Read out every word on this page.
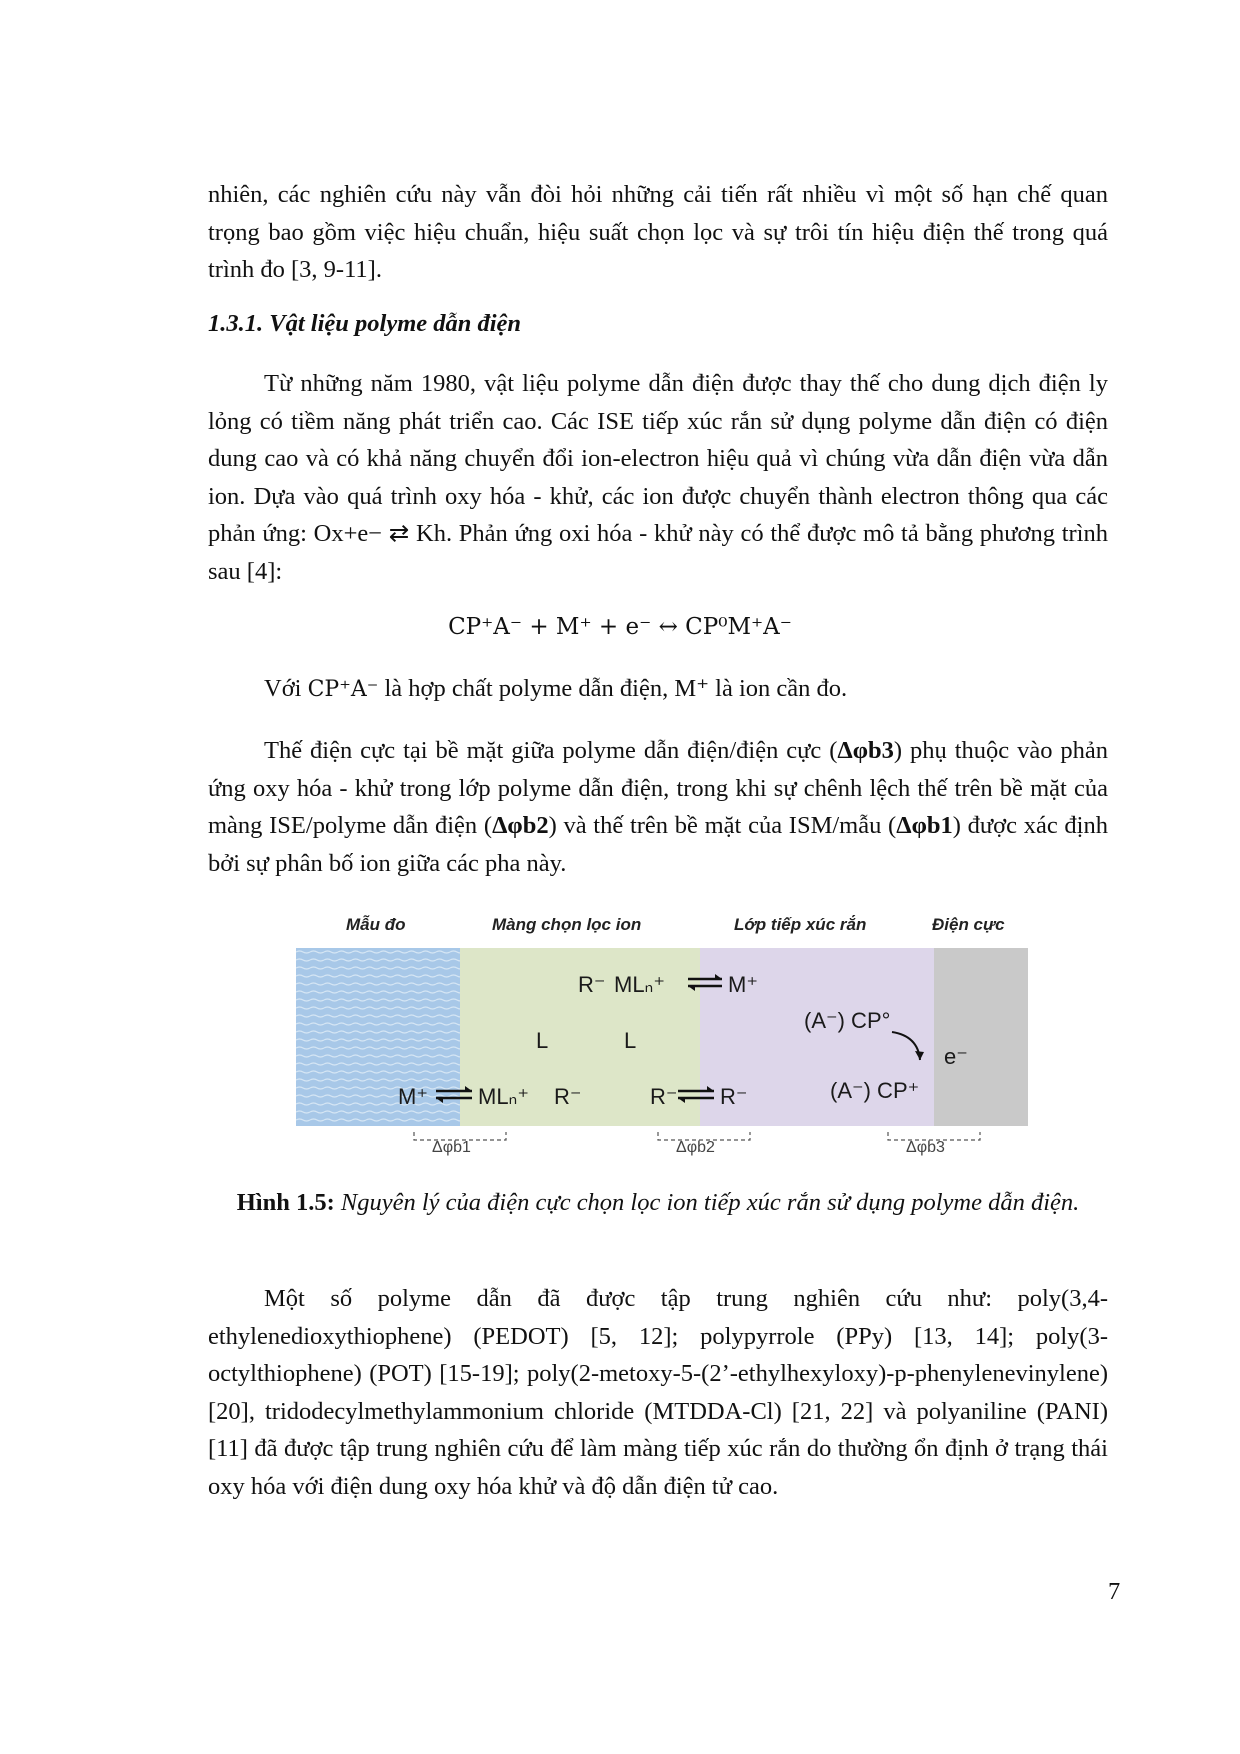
nhiên, các nghiên cứu này vẫn đòi hỏi những cải tiến rất nhiều vì một số hạn chế quan trọng bao gồm việc hiệu chuẩn, hiệu suất chọn lọc và sự trôi tín hiệu điện thế trong quá trình đo [3, 9-11].
1.3.1. Vật liệu polyme dẫn điện
Từ những năm 1980, vật liệu polyme dẫn điện được thay thế cho dung dịch điện ly lỏng có tiềm năng phát triển cao. Các ISE tiếp xúc rắn sử dụng polyme dẫn điện có điện dung cao và có khả năng chuyển đổi ion-electron hiệu quả vì chúng vừa dẫn điện vừa dẫn ion. Dựa vào quá trình oxy hóa - khử, các ion được chuyển thành electron thông qua các phản ứng: Ox+e− ⇄ Kh. Phản ứng oxi hóa - khử này có thể được mô tả bằng phương trình sau [4]:
CP⁺A⁻ + M⁺ + e⁻ ↔ CP⁰M⁺A⁻
Với CP⁺A⁻ là hợp chất polyme dẫn điện, M⁺ là ion cần đo.
Thế điện cực tại bề mặt giữa polyme dẫn điện/điện cực (Δφb3) phụ thuộc vào phản ứng oxy hóa - khử trong lớp polyme dẫn điện, trong khi sự chênh lệch thế trên bề mặt của màng ISE/polyme dẫn điện (Δφb2) và thế trên bề mặt của ISM/mẫu (Δφb1) được xác định bởi sự phân bố ion giữa các pha này.
Mẫu đo	Màng chọn lọc ion	Lớp tiếp xúc rắn	Điện cực
R⁻ MLₙ⁺	M⁺
L	L
(A⁻) CP°
e⁻
M⁺ MLₙ⁺ R⁻	R⁻ R⁻	(A⁻) CP⁺
Δφb1	Δφb2	Δφb3
Hình 1.5: Nguyên lý của điện cực chọn lọc ion tiếp xúc rắn sử dụng polyme dẫn điện.
Một số polyme dẫn đã được tập trung nghiên cứu như: poly(3,4-ethylenedioxythiophene) (PEDOT) [5, 12]; polypyrrole (PPy) [13, 14]; poly(3-octylthiophene) (POT) [15-19]; poly(2-metoxy-5-(2’-ethylhexyloxy)-p-phenylenevinylene) [20], tridodecylmethylammonium chloride (MTDDA-Cl) [21, 22] và polyaniline (PANI) [11] đã được tập trung nghiên cứu để làm màng tiếp xúc rắn do thường ổn định ở trạng thái oxy hóa với điện dung oxy hóa khử và độ dẫn điện tử cao.
7
